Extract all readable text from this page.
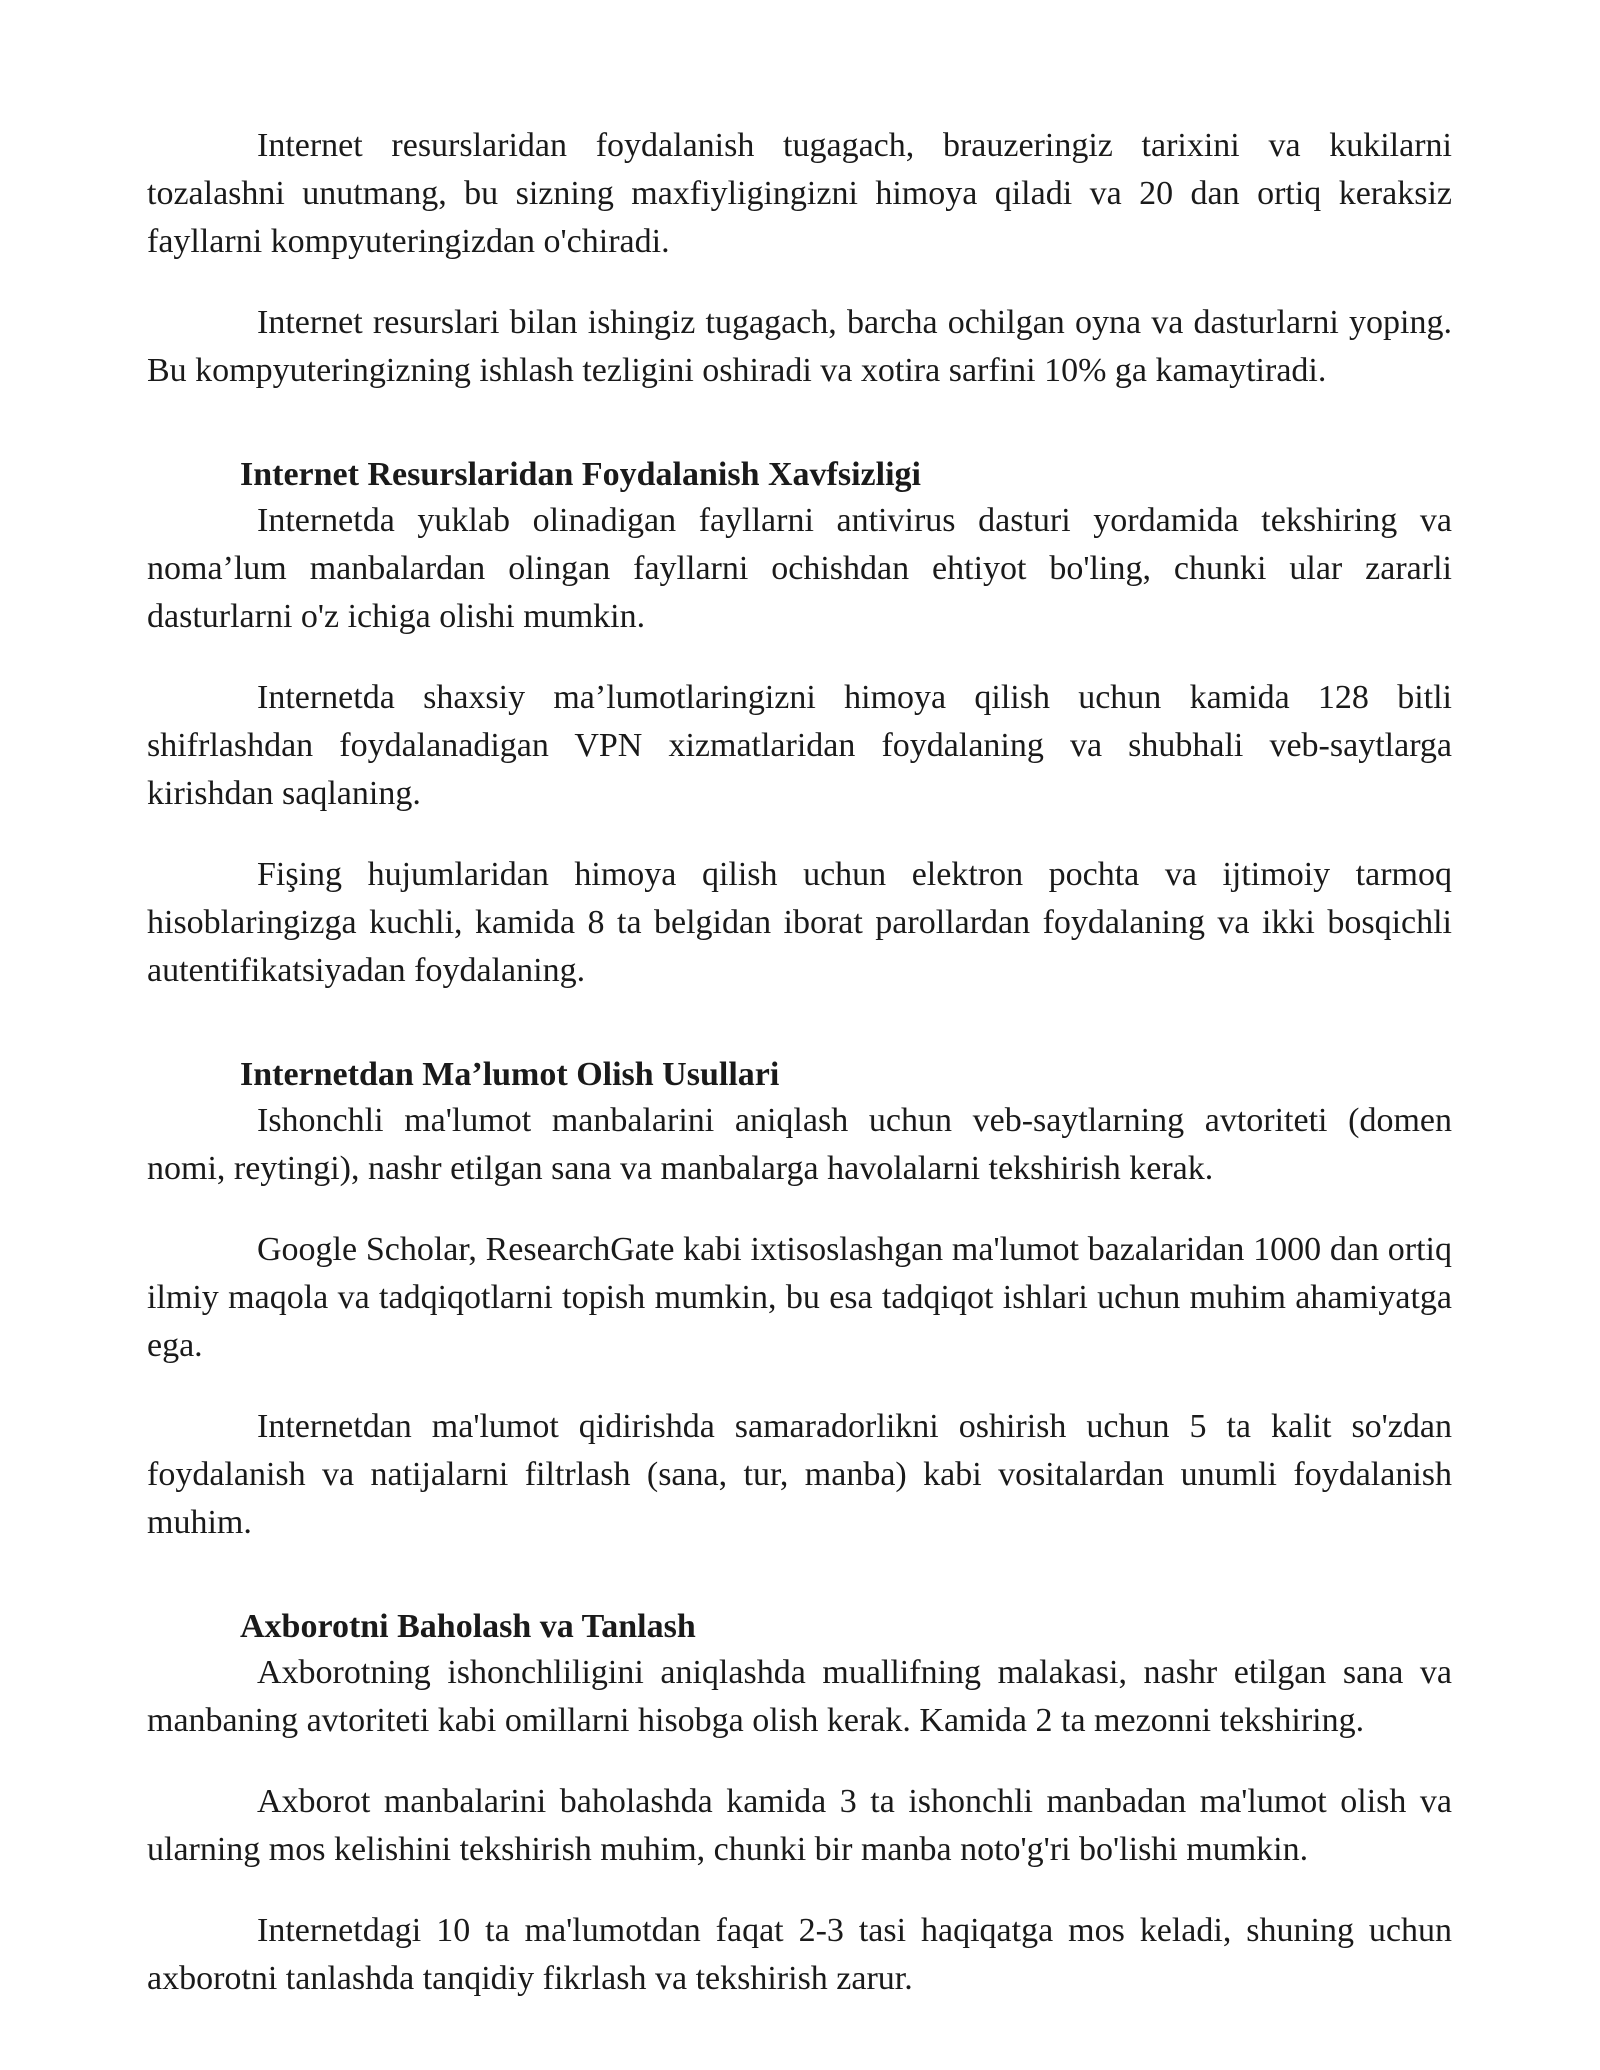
Internet resurslaridan foydalanish tugagach, brauzeringiz tarixini va kukilarni tozalashni unutmang, bu sizning maxfiyligingizni himoya qiladi va 20 dan ortiq keraksiz fayllarni kompyuteringizdan o'chiradi.

Internet resurslari bilan ishingiz tugagach, barcha ochilgan oyna va dasturlarni yoping. Bu kompyuteringizning ishlash tezligini oshiradi va xotira sarfini 10% ga kamaytiradi.

Internet Resurslaridan Foydalanish Xavfsizligi

Internetda yuklab olinadigan fayllarni antivirus dasturi yordamida tekshiring va noma’lum manbalardan olingan fayllarni ochishdan ehtiyot bo'ling, chunki ular zararli dasturlarni o'z ichiga olishi mumkin.

Internetda shaxsiy ma’lumotlaringizni himoya qilish uchun kamida 128 bitli shifrlashdan foydalanadigan VPN xizmatlaridan foydalaning va shubhali veb-saytlarga kirishdan saqlaning.

Fişing hujumlaridan himoya qilish uchun elektron pochta va ijtimoiy tarmoq hisoblaringizga kuchli, kamida 8 ta belgidan iborat parollardan foydalaning va ikki bosqichli autentifikatsiyadan foydalaning.

Internetdan Ma’lumot Olish Usullari

Ishonchli ma'lumot manbalarini aniqlash uchun veb-saytlarning avtoriteti (domen nomi, reytingi), nashr etilgan sana va manbalarga havolalarni tekshirish kerak.

Google Scholar, ResearchGate kabi ixtisoslashgan ma'lumot bazalaridan 1000 dan ortiq ilmiy maqola va tadqiqotlarni topish mumkin, bu esa tadqiqot ishlari uchun muhim ahamiyatga ega.

Internetdan ma'lumot qidirishda samaradorlikni oshirish uchun 5 ta kalit so'zdan foydalanish va natijalarni filtrlash (sana, tur, manba) kabi vositalardan unumli foydalanish muhim.

Axborotni Baholash va Tanlash

Axborotning ishonchliligini aniqlashda muallifning malakasi, nashr etilgan sana va manbaning avtoriteti kabi omillarni hisobga olish kerak. Kamida 2 ta mezonni tekshiring.

Axborot manbalarini baholashda kamida 3 ta ishonchli manbadan ma'lumot olish va ularning mos kelishini tekshirish muhim, chunki bir manba noto'g'ri bo'lishi mumkin.

Internetdagi 10 ta ma'lumotdan faqat 2-3 tasi haqiqatga mos keladi, shuning uchun axborotni tanlashda tanqidiy fikrlash va tekshirish zarur.
